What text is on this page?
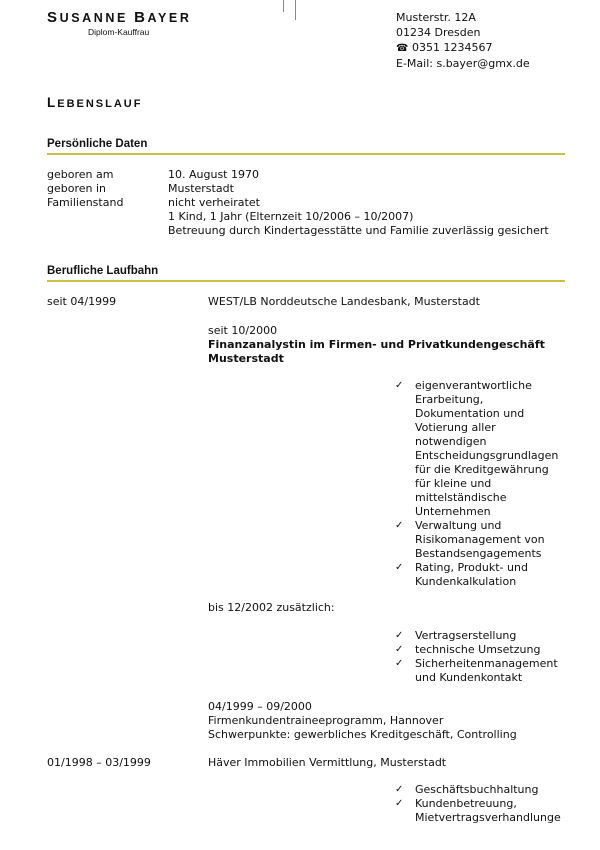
SUSANNE BAYER
Diplom-Kauffrau
Musterstr. 12A
01234 Dresden
☎ 0351 1234567
E-Mail: s.bayer@gmx.de
LEBENSLAUF
Persönliche Daten
geboren am
geboren in
Familienstand
10. August 1970
Musterstadt
nicht verheiratet
1 Kind, 1 Jahr (Elternzeit 10/2006 – 10/2007)
Betreuung durch Kindertagesstätte und Familie zuverlässig gesichert
Berufliche Laufbahn
seit 04/1999	WEST/LB Norddeutsche Landesbank, Musterstadt
seit 10/2000
Finanzanalystin im Firmen- und Privatkundengeschäft
Musterstadt
✓ eigenverantwortliche
Erarbeitung,
Dokumentation und
Votierung aller
notwendigen
Entscheidungsgrundlagen
für die Kreditgewährung
für kleine und
mittelständische
Unternehmen
✓ Verwaltung und
Risikomanagement von
Bestandsengagements
✓ Rating, Produkt- und
Kundenkalkulation
bis 12/2002 zusätzlich:
✓ Vertragserstellung
✓ technische Umsetzung
✓ Sicherheitenmanagement
und Kundenkontakt
04/1999 – 09/2000
Firmenkundentraineeprogramm, Hannover
Schwerpunkte: gewerbliches Kreditgeschäft, Controlling
01/1998 – 03/1999	Häver Immobilien Vermittlung, Musterstadt
✓ Geschäftsbuchhaltung
✓ Kundenbetreuung,
Mietvertragsverhandlunge
